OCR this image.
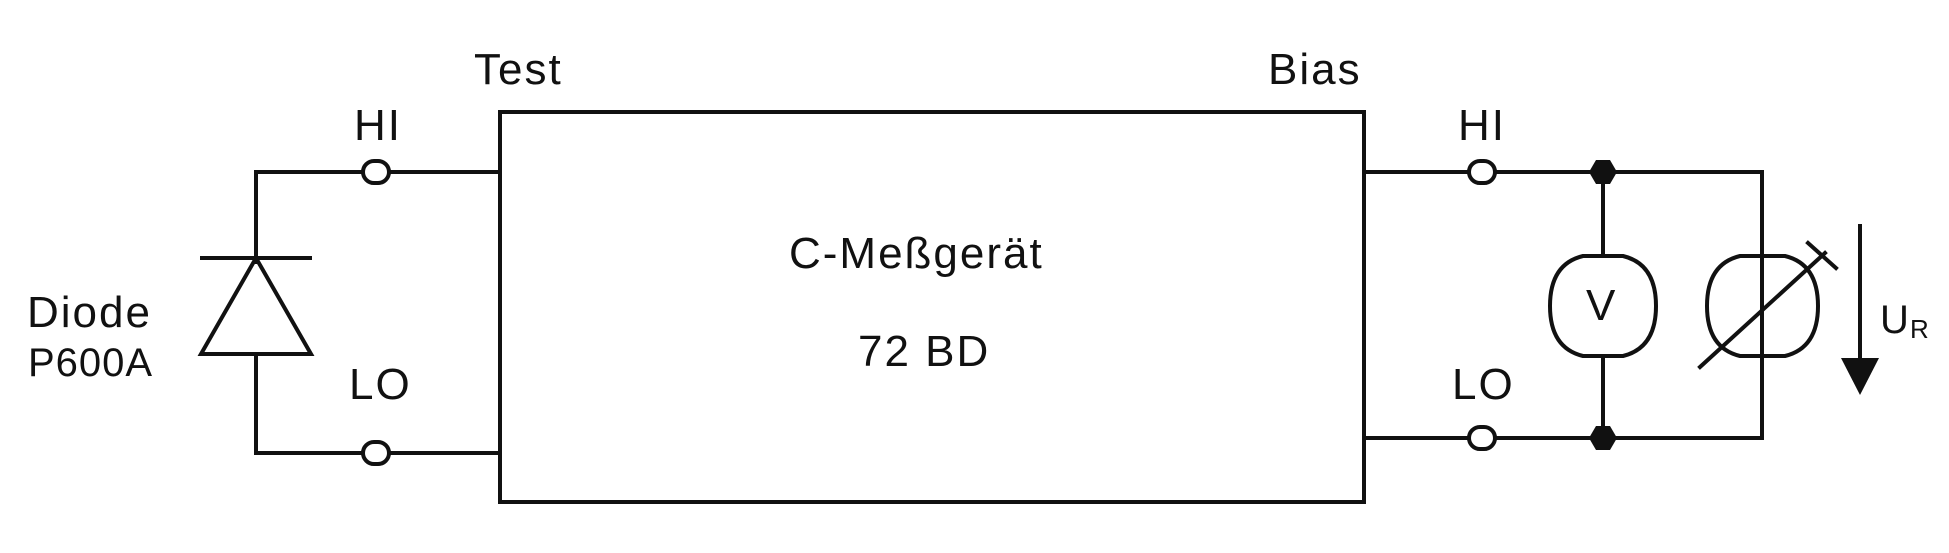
Test	Bias
HI
LO
HI
LO
C-Meßgerät
72 BD
Diode
P600A
V	U R
